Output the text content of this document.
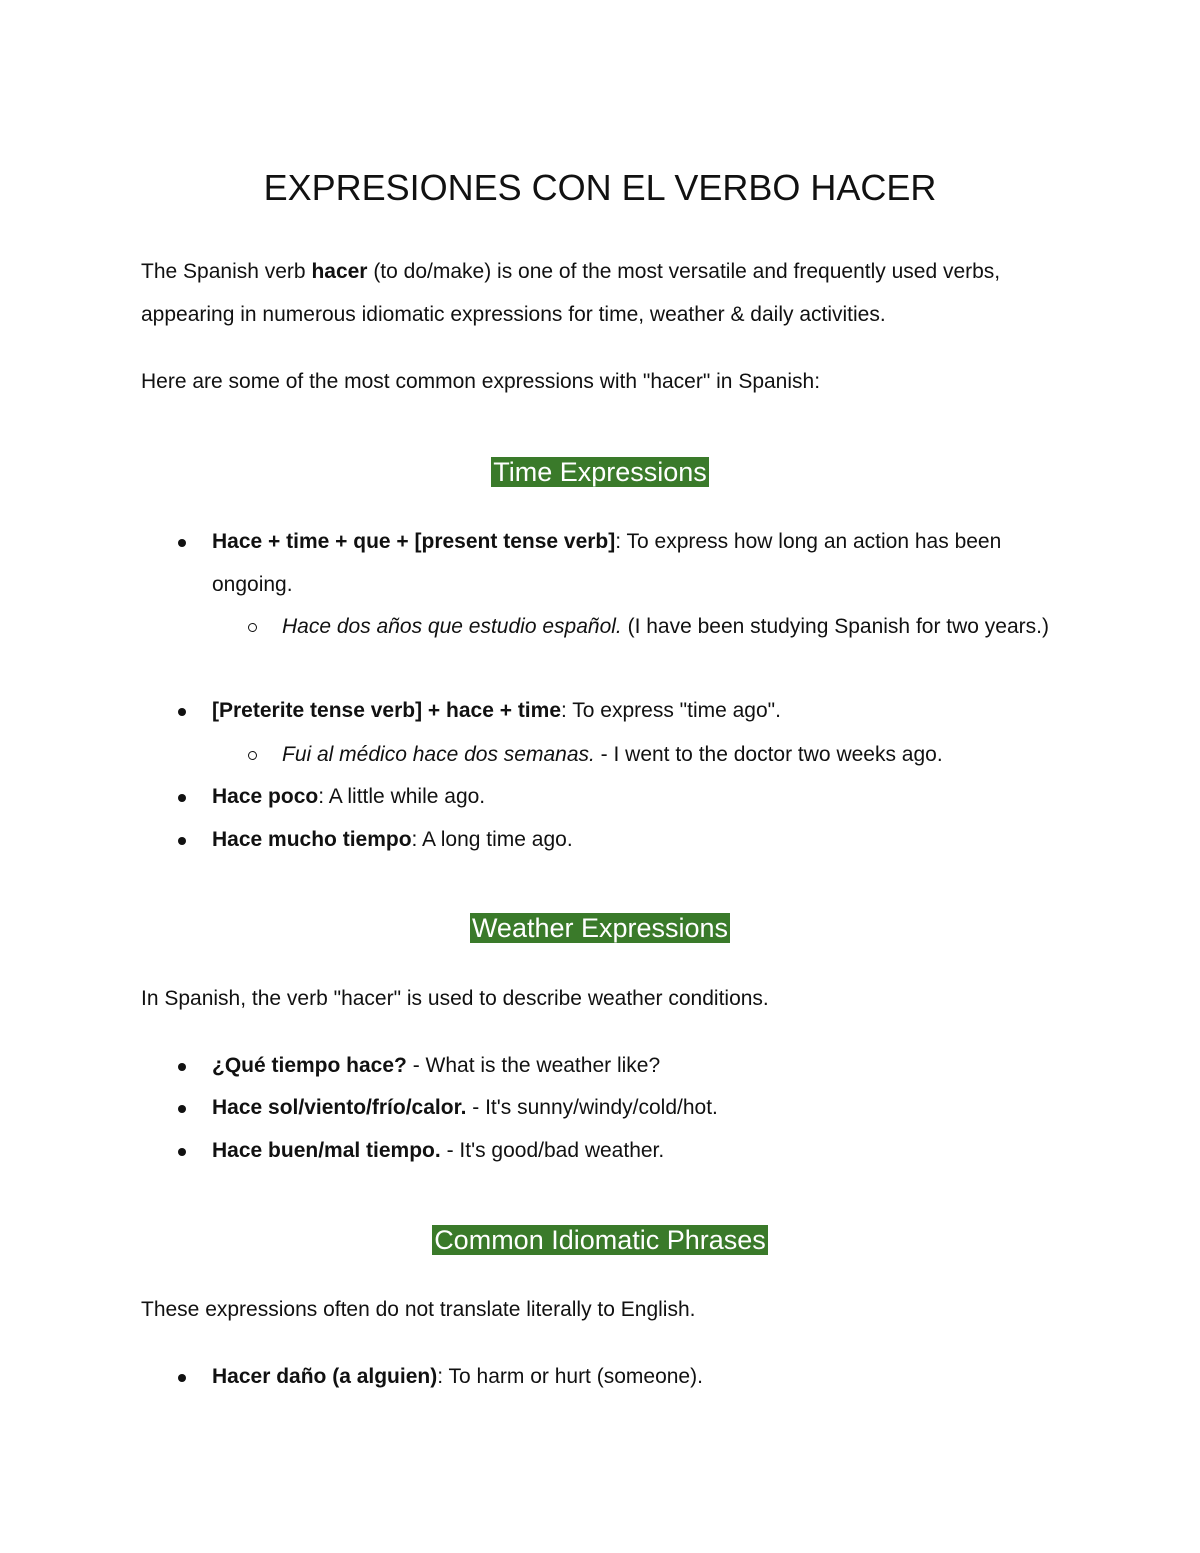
EXPRESIONES CON EL VERBO HACER

The Spanish verb hacer (to do/make) is one of the most versatile and frequently used verbs, appearing in numerous idiomatic expressions for time, weather & daily activities.

Here are some of the most common expressions with "hacer" in Spanish:

Time Expressions

Hace + time + que + [present tense verb]: To express how long an action has been ongoing.

Hace dos años que estudio español. (I have been studying Spanish for two years.)

[Preterite tense verb] + hace + time: To express "time ago".

Fui al médico hace dos semanas. - I went to the doctor two weeks ago.

Hace poco: A little while ago.

Hace mucho tiempo: A long time ago.

Weather Expressions

In Spanish, the verb "hacer" is used to describe weather conditions.

¿Qué tiempo hace? - What is the weather like?

Hace sol/viento/frío/calor. - It's sunny/windy/cold/hot.

Hace buen/mal tiempo. - It's good/bad weather.

Common Idiomatic Phrases

These expressions often do not translate literally to English.

Hacer daño (a alguien): To harm or hurt (someone).
